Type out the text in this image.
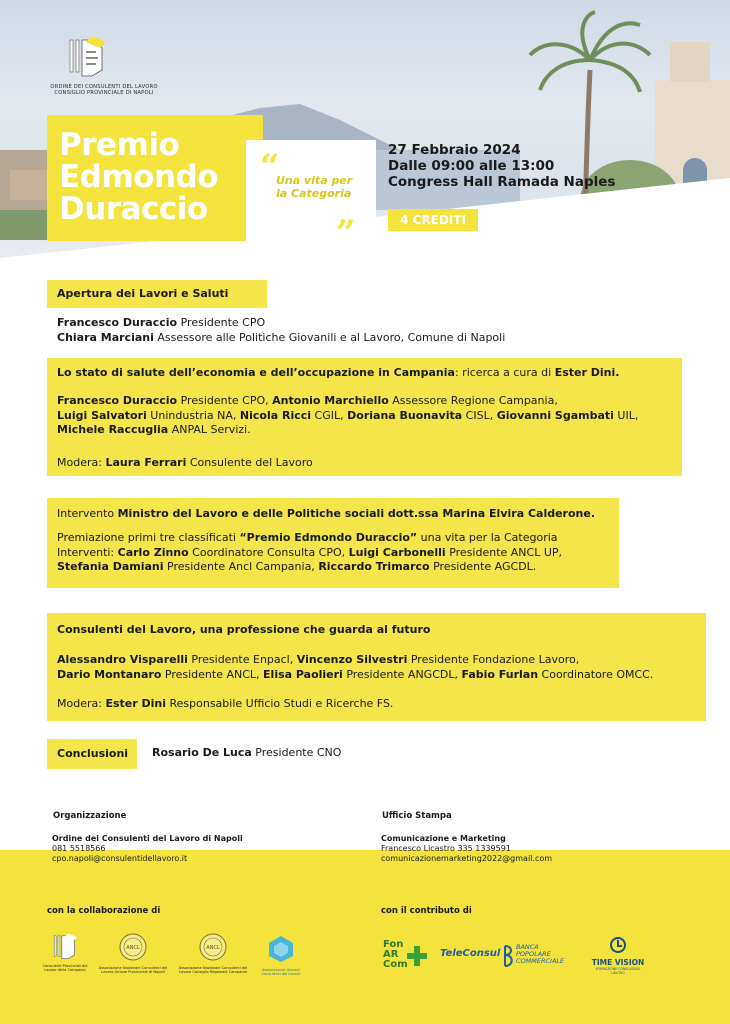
ORDINE DEI CONSULENTI DEL LAVORO CONSIGLIO PROVINCIALE DI NAPOLI
Premio
Edmondo
Duraccio
“
Una vita per la Categoria
”
27 Febbraio 2024
Dalle 09:00 alle 13:00
Congress Hall Ramada Naples
4 CREDITI
Apertura dei Lavori e Saluti
Francesco Duraccio Presidente CPO
Chiara Marciani Assessore alle Politiche Giovanili e al Lavoro, Comune di Napoli
Lo stato di salute dell’economia e dell’occupazione in Campania: ricerca a cura di Ester Dini.
Francesco Duraccio Presidente CPO, Antonio Marchiello Assessore Regione Campania,
Luigi Salvatori Unindustria NA, Nicola Ricci CGIL, Doriana Buonavita CISL, Giovanni Sgambati UIL,
Michele Raccuglia ANPAL Servizi.
Modera: Laura Ferrari Consulente del Lavoro
Intervento Ministro del Lavoro e delle Politiche sociali dott.ssa Marina Elvira Calderone.
Premiazione primi tre classificati “Premio Edmondo Duraccio” una vita per la Categoria
Interventi: Carlo Zinno Coordinatore Consulta CPO, Luigi Carbonelli Presidente ANCL UP,
Stefania Damiani Presidente Ancl Campania, Riccardo Trimarco Presidente AGCDL.
Consulenti del Lavoro, una professione che guarda al futuro
Alessandro Visparelli Presidente Enpacl, Vincenzo Silvestri Presidente Fondazione Lavoro,
Dario Montanaro Presidente ANCL, Elisa Paolieri Presidente ANGCDL, Fabio Furlan Coordinatore OMCC.
Modera: Ester Dini Responsabile Ufficio Studi e Ricerche FS.
Conclusioni Rosario De Luca Presidente CNO
Organizzazione
Ordine dei Consulenti del Lavoro di Napoli
081 5518566
cpo.napoli@consulentidellavoro.it
Ufficio Stampa
Comunicazione e Marketing
Francesco Licastro 335 1339591
comunicazionemarketing2022@gmail.com
con la collaborazione di	con il contributo di
Consulenti Provinciali del Lavoro della Campania
ANCL
Associazione Nazionale Consulenti del Lavoro Unione Provinciale di Napoli
ANCL
Associazione Nazionale Consulenti del Lavoro Consiglio Regionale Campania
Associazione Giovani Consulenti del Lavoro
Fon
AR
Com
TeleConsul
BANCA
POPOLARE
COMMERCIALE	TIME VISION
FORMAZIONE CONSULENZA LAVORO
